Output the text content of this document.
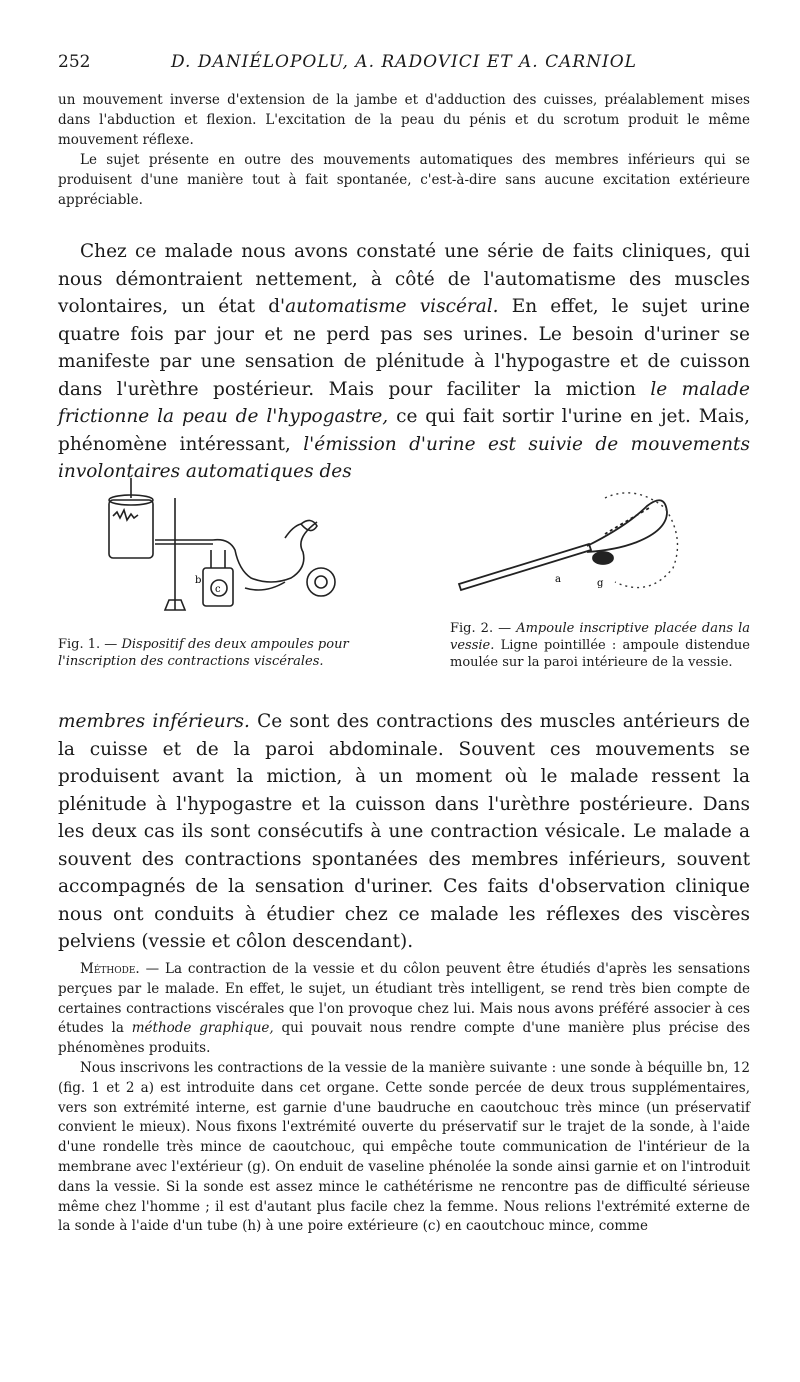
252	D. DANIÉLOPOLU, A. RADOVICI ET A. CARNIOL

un mouvement inverse d'extension de la jambe et d'adduction des cuisses, préalablement mises dans l'abduction et flexion. L'excitation de la peau du pénis et du scrotum produit le même mouvement réflexe.

Le sujet présente en outre des mouvements automatiques des membres inférieurs qui se produisent d'une manière tout à fait spontanée, c'est-à-dire sans aucune excitation extérieure appréciable.

Chez ce malade nous avons constaté une série de faits cliniques, qui nous démontraient nettement, à côté de l'automatisme des muscles volontaires, un état d'automatisme viscéral. En effet, le sujet urine quatre fois par jour et ne perd pas ses urines. Le besoin d'uriner se manifeste par une sensation de plénitude à l'hypogastre et de cuisson dans l'urèthre postérieur. Mais pour faciliter la miction le malade frictionne la peau de l'hypogastre, ce qui fait sortir l'urine en jet. Mais, phénomène intéressant, l'émission d'urine est suivie de mouvements involontaires automatiques des
b
c
a	g
Fig. 1. — Dispositif des deux ampoules pour l'inscription des contractions viscérales.
Fig. 2. — Ampoule inscriptive placée dans la vessie. Ligne pointillée : ampoule distendue moulée sur la paroi intérieure de la vessie.
membres inférieurs. Ce sont des contractions des muscles antérieurs de la cuisse et de la paroi abdominale. Souvent ces mouvements se produisent avant la miction, à un moment où le malade ressent la plénitude à l'hypogastre et la cuisson dans l'urèthre postérieure. Dans les deux cas ils sont consécutifs à une contraction vésicale. Le malade a souvent des contractions spontanées des membres inférieurs, souvent accompagnés de la sensation d'uriner. Ces faits d'observation clinique nous ont conduits à étudier chez ce malade les réflexes des viscères pelviens (vessie et côlon descendant).

Méthode. — La contraction de la vessie et du côlon peuvent être étudiés d'après les sensations perçues par le malade. En effet, le sujet, un étudiant très intelligent, se rend très bien compte de certaines contractions viscérales que l'on provoque chez lui. Mais nous avons préféré associer à ces études la méthode graphique, qui pouvait nous rendre compte d'une manière plus précise des phénomènes produits.

Nous inscrivons les contractions de la vessie de la manière suivante : une sonde à béquille bn, 12 (fig. 1 et 2 a) est introduite dans cet organe. Cette sonde percée de deux trous supplémentaires, vers son extrémité interne, est garnie d'une baudruche en caoutchouc très mince (un préservatif convient le mieux). Nous fixons l'extrémité ouverte du préservatif sur le trajet de la sonde, à l'aide d'une rondelle très mince de caoutchouc, qui empêche toute communication de l'intérieur de la membrane avec l'extérieur (g). On enduit de vaseline phénolée la sonde ainsi garnie et on l'introduit dans la vessie. Si la sonde est assez mince le cathétérisme ne rencontre pas de difficulté sérieuse même chez l'homme ; il est d'autant plus facile chez la femme. Nous relions l'extrémité externe de la sonde à l'aide d'un tube (h) à une poire extérieure (c) en caoutchouc mince, comme
